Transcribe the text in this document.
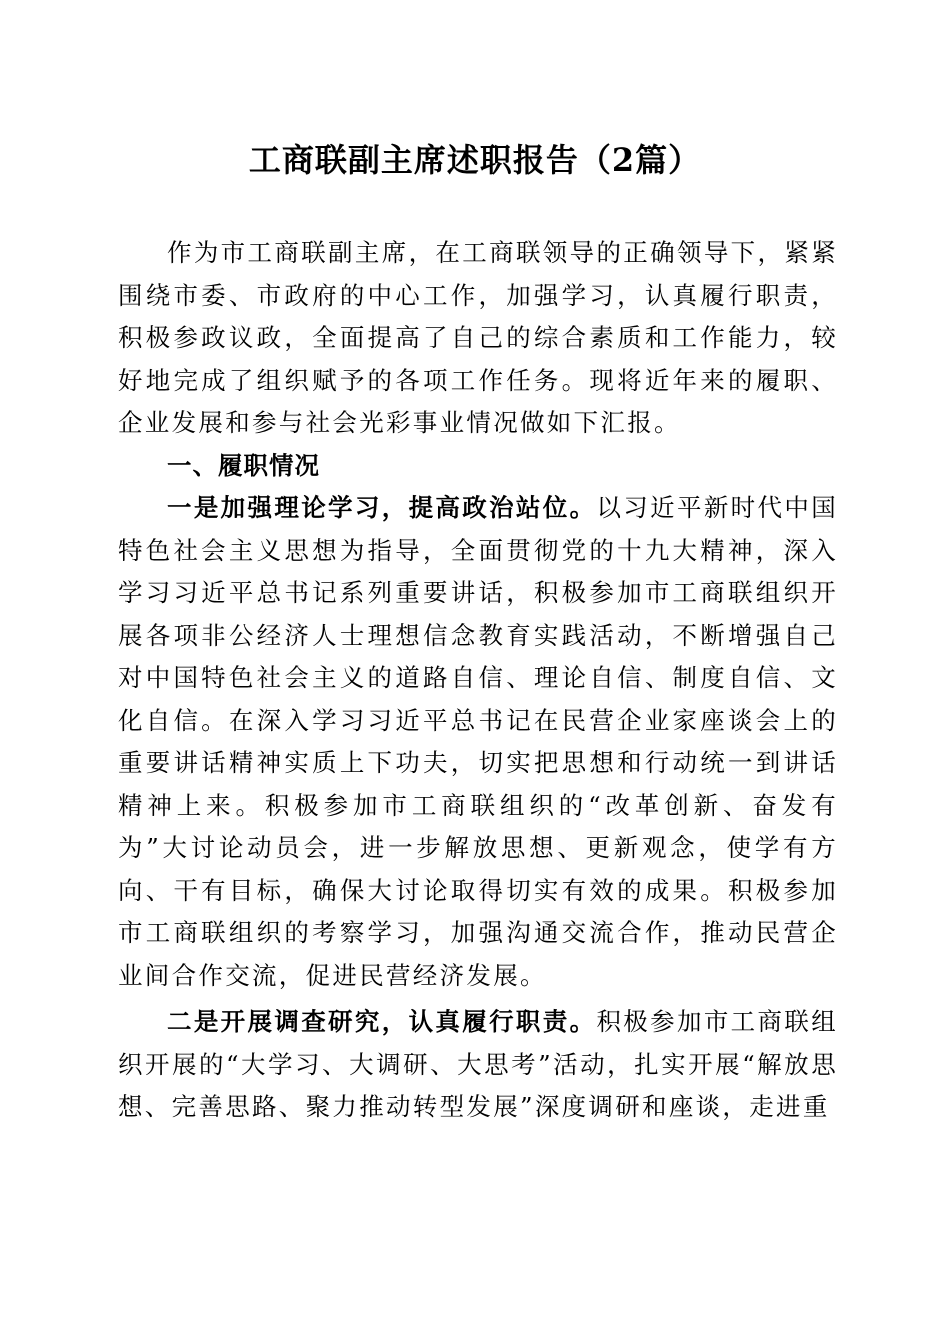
工商联副主席述职报告（2篇）

作为市工商联副主席，在工商联领导的正确领导下，紧紧围绕市委、市政府的中心工作，加强学习，认真履行职责，积极参政议政，全面提高了自己的综合素质和工作能力，较好地完成了组织赋予的各项工作任务。现将近年来的履职、企业发展和参与社会光彩事业情况做如下汇报。

一、履职情况

一是加强理论学习，提高政治站位。以习近平新时代中国特色社会主义思想为指导，全面贯彻党的十九大精神，深入学习习近平总书记系列重要讲话，积极参加市工商联组织开展各项非公经济人士理想信念教育实践活动，不断增强自己对中国特色社会主义的道路自信、理论自信、制度自信、文化自信。在深入学习习近平总书记在民营企业家座谈会上的重要讲话精神实质上下功夫，切实把思想和行动统一到讲话精神上来。积极参加市工商联组织的“改革创新、奋发有为”大讨论动员会，进一步解放思想、更新观念，使学有方向、干有目标，确保大讨论取得切实有效的成果。积极参加市工商联组织的考察学习，加强沟通交流合作，推动民营企业间合作交流，促进民营经济发展。

二是开展调查研究，认真履行职责。积极参加市工商联组织开展的“大学习、大调研、大思考”活动，扎实开展“解放思想、完善思路、聚力推动转型发展”深度调研和座谈，走进重
